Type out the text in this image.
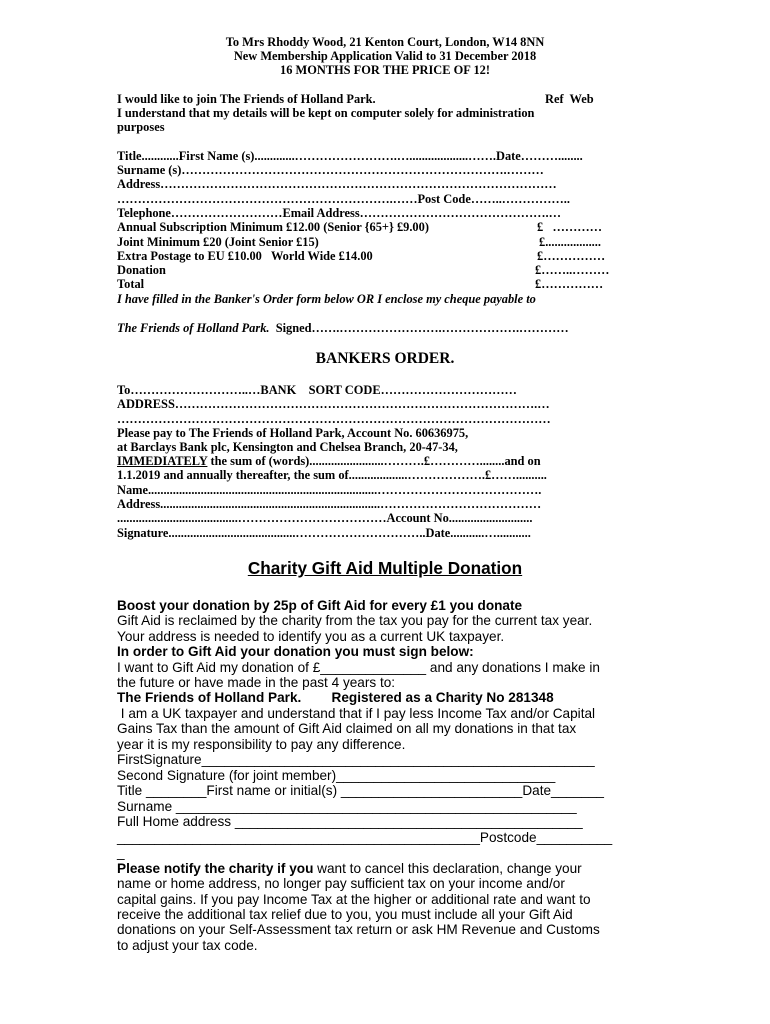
To Mrs Rhoddy Wood, 21 Kenton Court, London, W14 8NN
New Membership Application Valid to 31 December 2018
16 MONTHS FOR THE PRICE OF 12!
I would like to join The Friends of Holland Park.	Ref  Web
I understand that my details will be kept on computer solely for administration
purposes
Title............First Name (s).............…………………….…...................…….Date………........
Surname (s)…………………………………………………………………….………
Address……………………………………………………………………………………
………………………………………………………….……Post Code……..……………..
Telephone………………………Email Address……………………………………….…
Annual Subscription Minimum £12.00 (Senior {65+} £9.00)	£   …………
Joint Minimum £20 (Joint Senior £15)	£..................
Extra Postage to EU £10.00   World Wide £14.00	£……………
Donation	£……..………
Total	£……………
I have filled in the Banker's Order form below OR I enclose my cheque payable to
The Friends of Holland Park.  Signed…….…………………….……………….…………
BANKERS ORDER.
To………………………..…BANK    SORT CODE……………………………
ADDRESS…………………………………………………………………………….…
……………………………………………………………………………………………
Please pay to The Friends of Holland Park, Account No. 60636975,
at Barclays Bank plc, Kensington and Chelsea Branch, 20-47-34,
IMMEDIATELY the sum of (words)........................……….£…………........and on
1.1.2019 and annually thereafter, the sum of...................……………….£……..........
Name..........................................................................………………………………….
Address.......................................................................…………………………………
.......................................………………………………Account No...........................
Signature.........................................…………………………..Date...........…...........
Charity Gift Aid Multiple Donation
Boost your donation by 25p of Gift Aid for every £1 you donate
Gift Aid is reclaimed by the charity from the tax you pay for the current tax year.
Your address is needed to identify you as a current UK taxpayer.
In order to Gift Aid your donation you must sign below:
I want to Gift Aid my donation of £______________ and any donations I make in
the future or have made in the past 4 years to:
The Friends of Holland Park.        Registered as a Charity No 281348
I am a UK taxpayer and understand that if I pay less Income Tax and/or Capital
Gains Tax than the amount of Gift Aid claimed on all my donations in that tax
year it is my responsibility to pay any difference.
FirstSignature____________________________________________________
Second Signature (for joint member)_____________________________
Title ________First name or initial(s) ________________________Date_______
Surname _____________________________________________________
Full Home address ______________________________________________
________________________________________________Postcode__________
_
Please notify the charity if you want to cancel this declaration, change your
name or home address, no longer pay sufficient tax on your income and/or
capital gains. If you pay Income Tax at the higher or additional rate and want to
receive the additional tax relief due to you, you must include all your Gift Aid
donations on your Self-Assessment tax return or ask HM Revenue and Customs
to adjust your tax code.
